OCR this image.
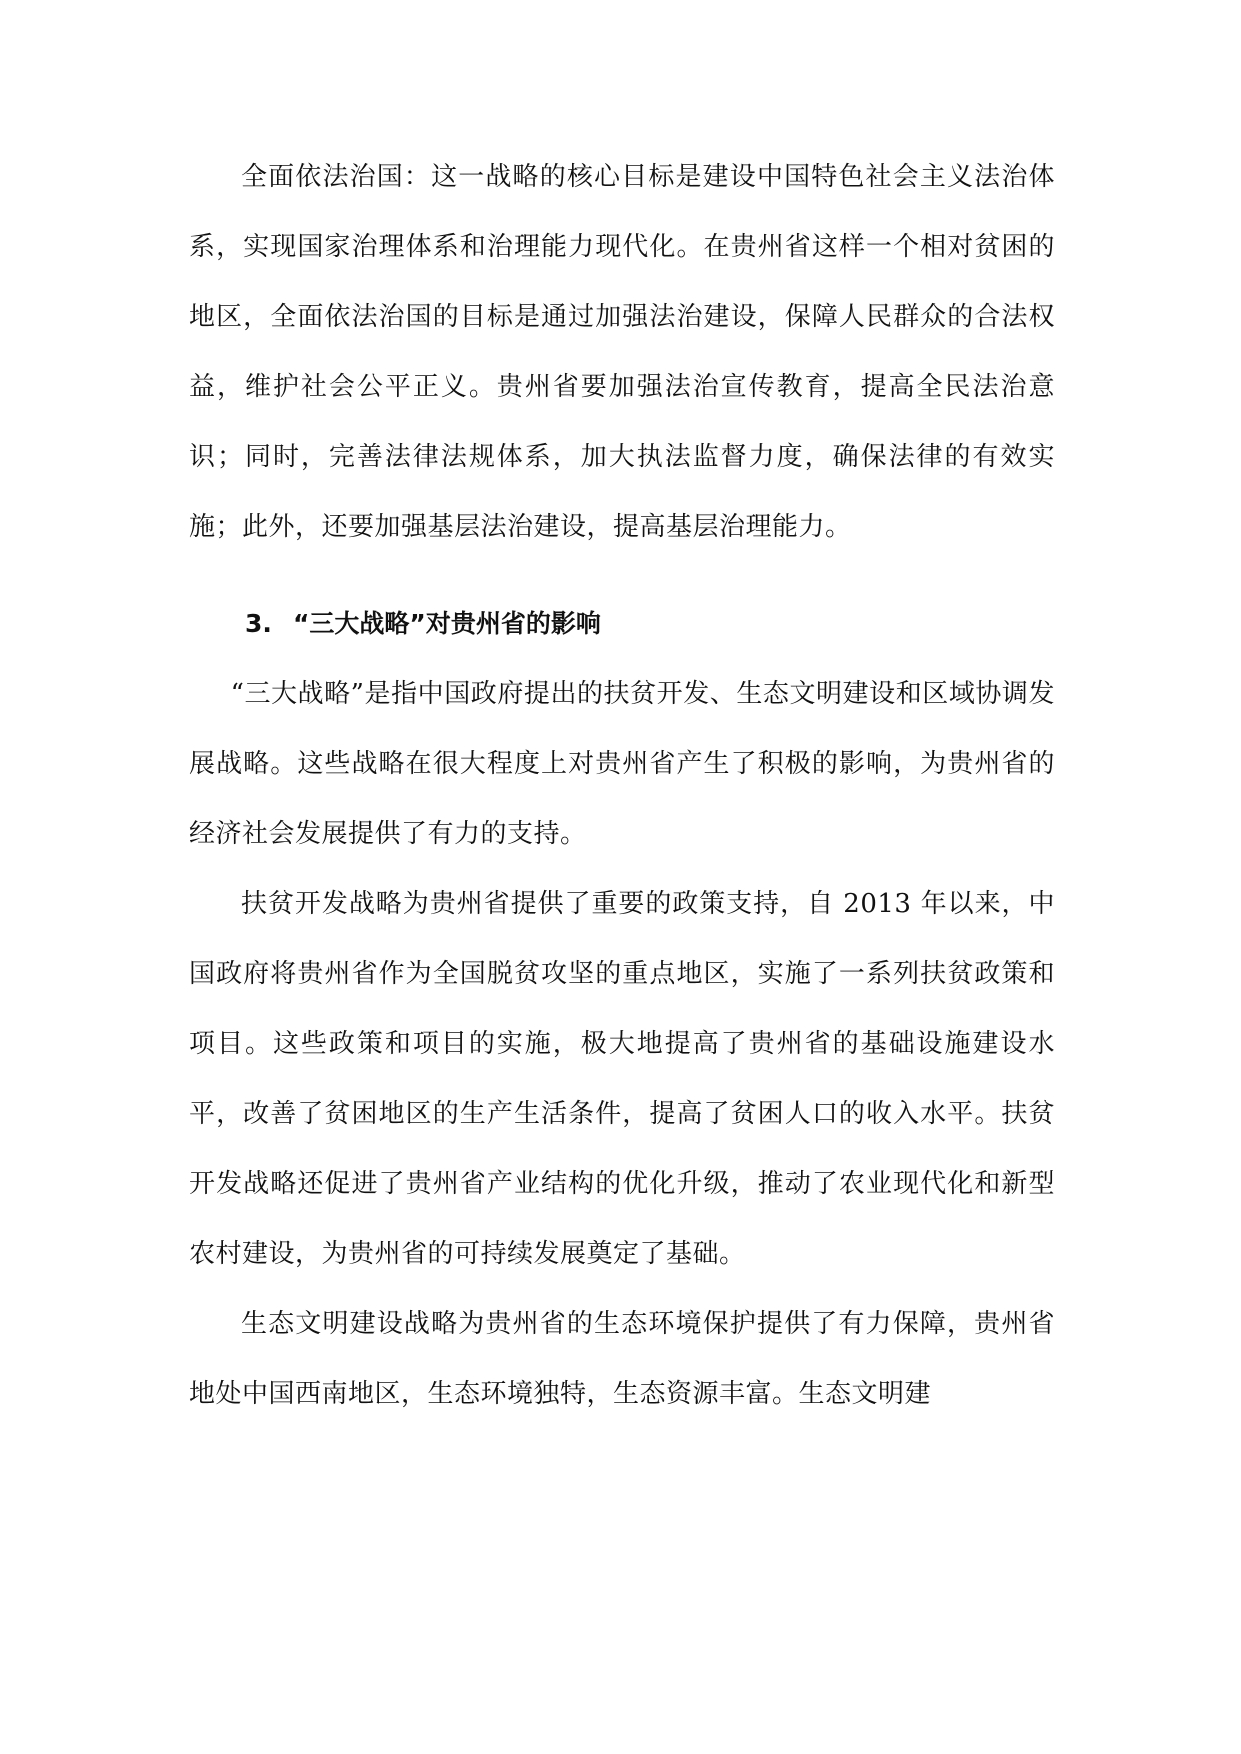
全面依法治国：这一战略的核心目标是建设中国特色社会主义法治体系，实现国家治理体系和治理能力现代化。在贵州省这样一个相对贫困的地区，全面依法治国的目标是通过加强法治建设，保障人民群众的合法权益，维护社会公平正义。贵州省要加强法治宣传教育，提高全民法治意识；同时，完善法律法规体系，加大执法监督力度，确保法律的有效实施；此外，还要加强基层法治建设，提高基层治理能力。

3. “三大战略”对贵州省的影响

“三大战略”是指中国政府提出的扶贫开发、生态文明建设和区域协调发展战略。这些战略在很大程度上对贵州省产生了积极的影响，为贵州省的经济社会发展提供了有力的支持。

扶贫开发战略为贵州省提供了重要的政策支持，自 2013 年以来，中国政府将贵州省作为全国脱贫攻坚的重点地区，实施了一系列扶贫政策和项目。这些政策和项目的实施，极大地提高了贵州省的基础设施建设水平，改善了贫困地区的生产生活条件，提高了贫困人口的收入水平。扶贫开发战略还促进了贵州省产业结构的优化升级，推动了农业现代化和新型农村建设，为贵州省的可持续发展奠定了基础。

生态文明建设战略为贵州省的生态环境保护提供了有力保障，贵州省地处中国西南地区，生态环境独特，生态资源丰富。生态文明建
